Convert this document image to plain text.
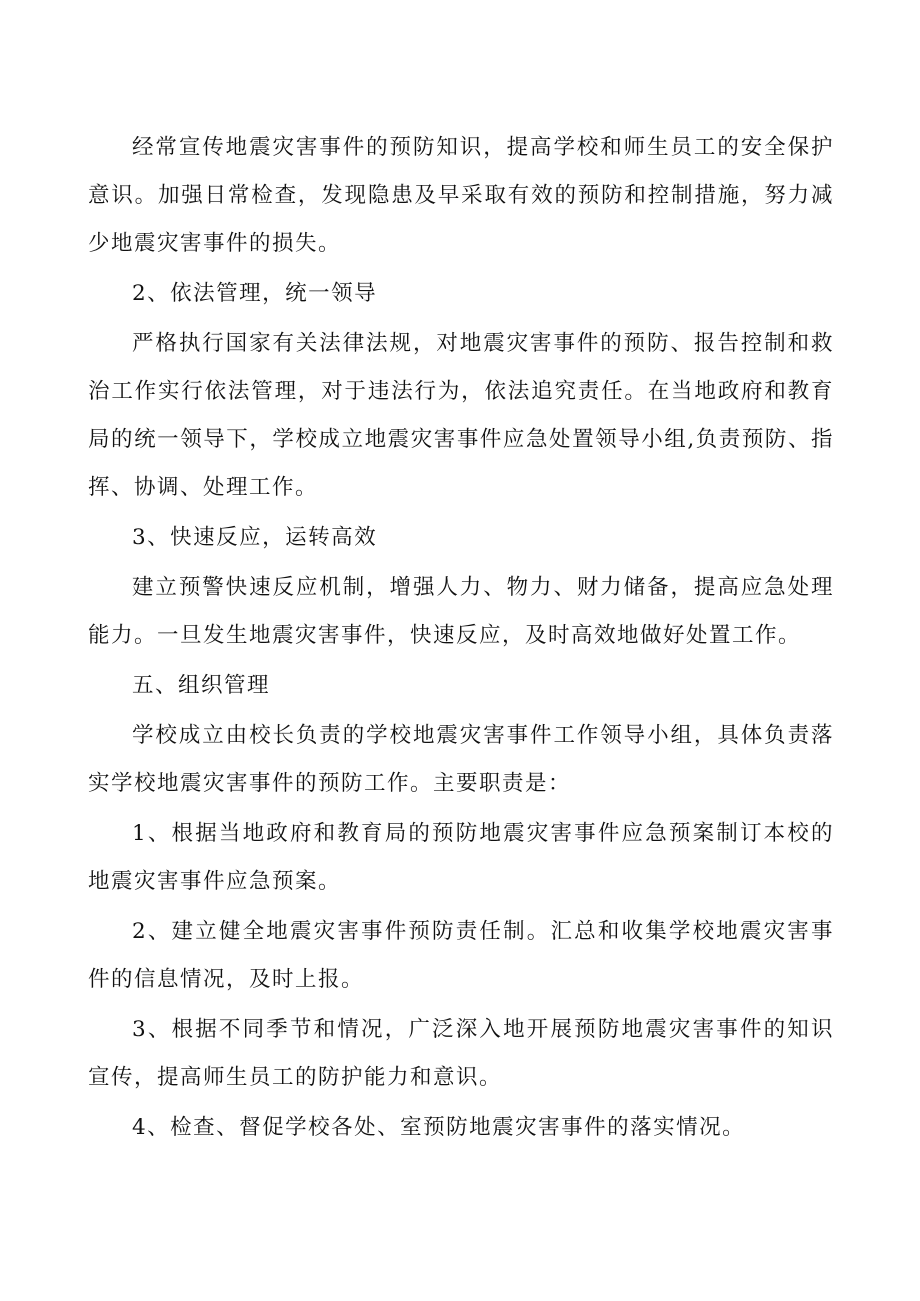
经常宣传地震灾害事件的预防知识，提高学校和师生员工的安全保护意识。加强日常检查，发现隐患及早采取有效的预防和控制措施，努力减少地震灾害事件的损失。

2、依法管理，统一领导

严格执行国家有关法律法规，对地震灾害事件的预防、报告控制和救治工作实行依法管理，对于违法行为，依法追究责任。在当地政府和教育局的统一领导下，学校成立地震灾害事件应急处置领导小组,负责预防、指挥、协调、处理工作。

3、快速反应，运转高效

建立预警快速反应机制，增强人力、物力、财力储备，提高应急处理能力。一旦发生地震灾害事件，快速反应，及时高效地做好处置工作。

五、组织管理

学校成立由校长负责的学校地震灾害事件工作领导小组，具体负责落实学校地震灾害事件的预防工作。主要职责是：

1、根据当地政府和教育局的预防地震灾害事件应急预案制订本校的地震灾害事件应急预案。

2、建立健全地震灾害事件预防责任制。汇总和收集学校地震灾害事件的信息情况，及时上报。

3、根据不同季节和情况，广泛深入地开展预防地震灾害事件的知识宣传，提高师生员工的防护能力和意识。

4、检查、督促学校各处、室预防地震灾害事件的落实情况。
